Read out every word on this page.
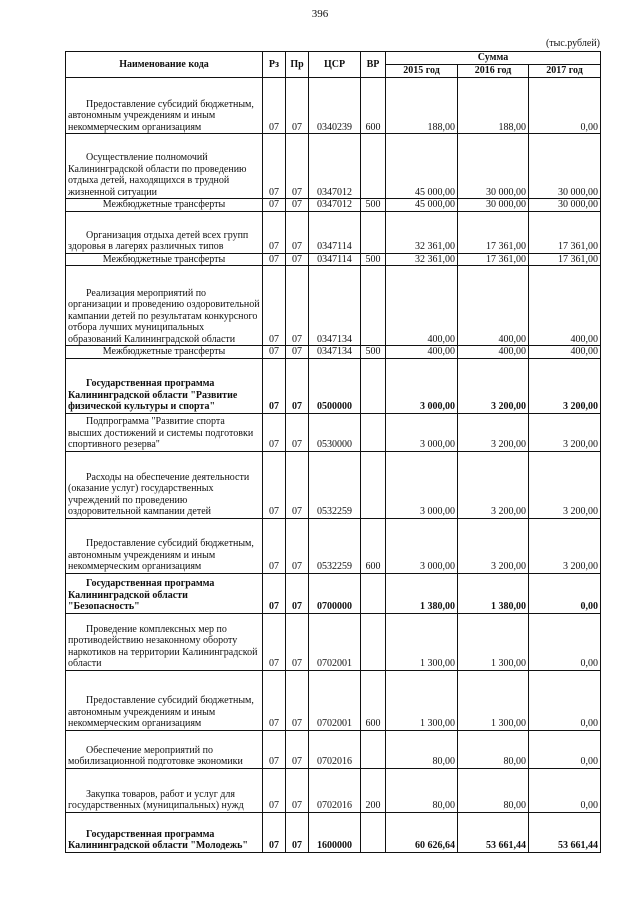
396
(тыс.рублей)
Наименование кода	Рз	Пр	ЦСР	ВР	Сумма		
					2015 год	2016 год	2017 год

Предоставление субсидий бюджетным, автономным учреждениям и иным некоммерческим организациям	07	07	0340239	600	188,00	188,00	0,00

Осуществление полномочий Калининградской области по проведению отдыха детей, находящихся в трудной жизненной ситуации	07	07	0347012		45 000,00	30 000,00	30 000,00

Межбюджетные трансферты	07	07	0347012	500	45 000,00	30 000,00	30 000,00

Организация отдыха детей всех групп здоровья в лагерях различных типов	07	07	0347114		32 361,00	17 361,00	17 361,00

Межбюджетные трансферты	07	07	0347114	500	32 361,00	17 361,00	17 361,00

Реализация мероприятий по организации и проведению оздоровительной кампании детей по результатам конкурсного отбора лучших муниципальных образований Калининградской области	07	07	0347134		400,00	400,00	400,00

Межбюджетные трансферты	07	07	0347134	500	400,00	400,00	400,00

Государственная программа Калининградской области "Развитие физической культуры и спорта"	07	07	0500000		3 000,00	3 200,00	3 200,00

Подпрограмма "Развитие спорта высших достижений и системы подготовки спортивного резерва"	07	07	0530000		3 000,00	3 200,00	3 200,00

Расходы на обеспечение деятельности (оказание услуг) государственных учреждений по проведению оздоровительной кампании детей	07	07	0532259		3 000,00	3 200,00	3 200,00

Предоставление субсидий бюджетным, автономным учреждениям и иным некоммерческим организациям	07	07	0532259	600	3 000,00	3 200,00	3 200,00

Государственная программа Калининградской области "Безопасность"	07	07	0700000		1 380,00	1 380,00	0,00

Проведение комплексных мер по противодействию незаконному обороту наркотиков на территории Калининградской области	07	07	0702001		1 300,00	1 300,00	0,00

Предоставление субсидий бюджетным, автономным учреждениям и иным некоммерческим организациям	07	07	0702001	600	1 300,00	1 300,00	0,00

Обеспечение мероприятий по мобилизационной подготовке экономики	07	07	0702016		80,00	80,00	0,00

Закупка товаров, работ и услуг для государственных (муниципальных) нужд	07	07	0702016	200	80,00	80,00	0,00

Государственная программа Калининградской области "Молодежь"	07	07	1600000		60 626,64	53 661,44	53 661,44
